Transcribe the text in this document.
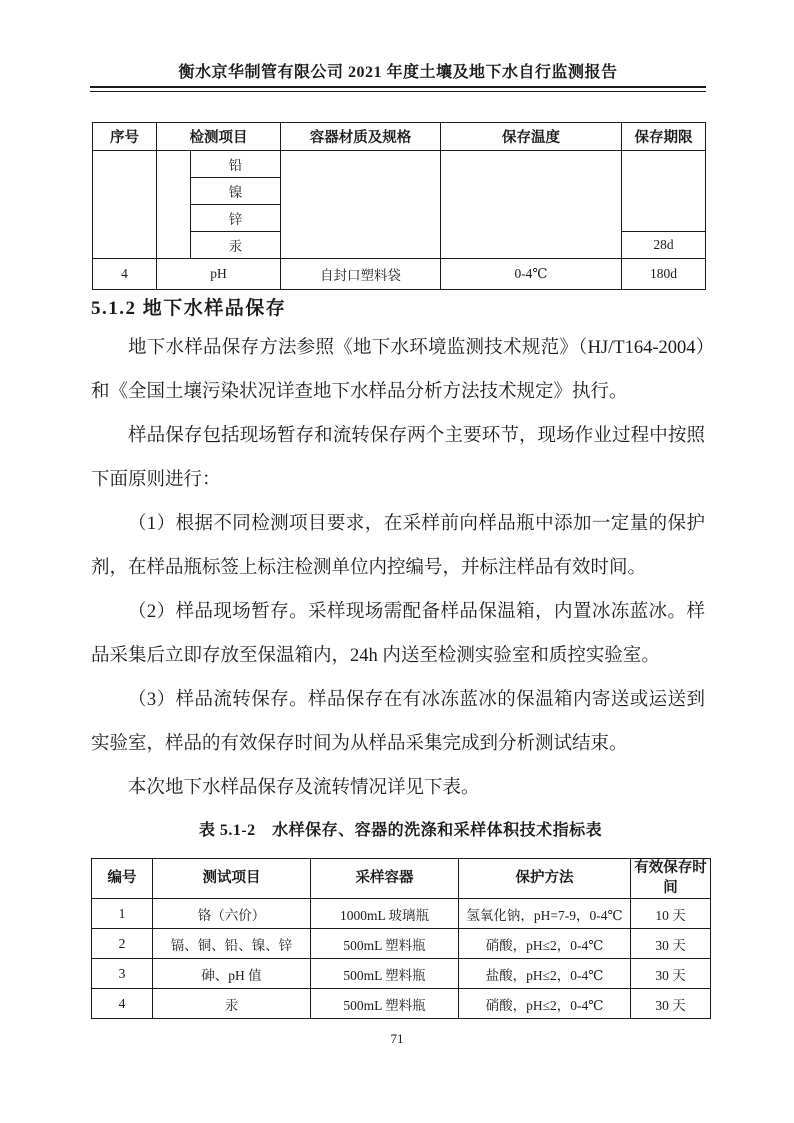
衡水京华制管有限公司 2021 年度土壤及地下水自行监测报告
序号	检测项目		容器材质及规格	保存温度	保存期限
		铅			
		镍			
		锌			
		汞			28d
4	pH		自封口塑料袋	0-4℃	180d
5.1.2 地下水样品保存

地下水样品保存方法参照《地下水环境监测技术规范》（HJ/T164-2004）和《全国土壤污染状况详查地下水样品分析方法技术规定》执行。

样品保存包括现场暂存和流转保存两个主要环节，现场作业过程中按照下面原则进行：

（1）根据不同检测项目要求，在采样前向样品瓶中添加一定量的保护剂，在样品瓶标签上标注检测单位内控编号，并标注样品有效时间。

（2）样品现场暂存。采样现场需配备样品保温箱，内置冰冻蓝冰。样品采集后立即存放至保温箱内，24h 内送至检测实验室和质控实验室。

（3）样品流转保存。样品保存在有冰冻蓝冰的保温箱内寄送或运送到实验室，样品的有效保存时间为从样品采集完成到分析测试结束。

本次地下水样品保存及流转情况详见下表。

表 5.1-2　水样保存、容器的洗涤和采样体积技术指标表
编号	测试项目	采样容器	保护方法	有效保存时间
1	铬（六价）	1000mL 玻璃瓶	氢氧化钠，pH=7-9，0-4℃	10 天
2	镉、铜、铅、镍、锌	500mL 塑料瓶	硝酸，pH≤2，0-4℃	30 天
3	砷、pH 值	500mL 塑料瓶	盐酸，pH≤2，0-4℃	30 天
4	汞	500mL 塑料瓶	硝酸，pH≤2，0-4℃	30 天
71
